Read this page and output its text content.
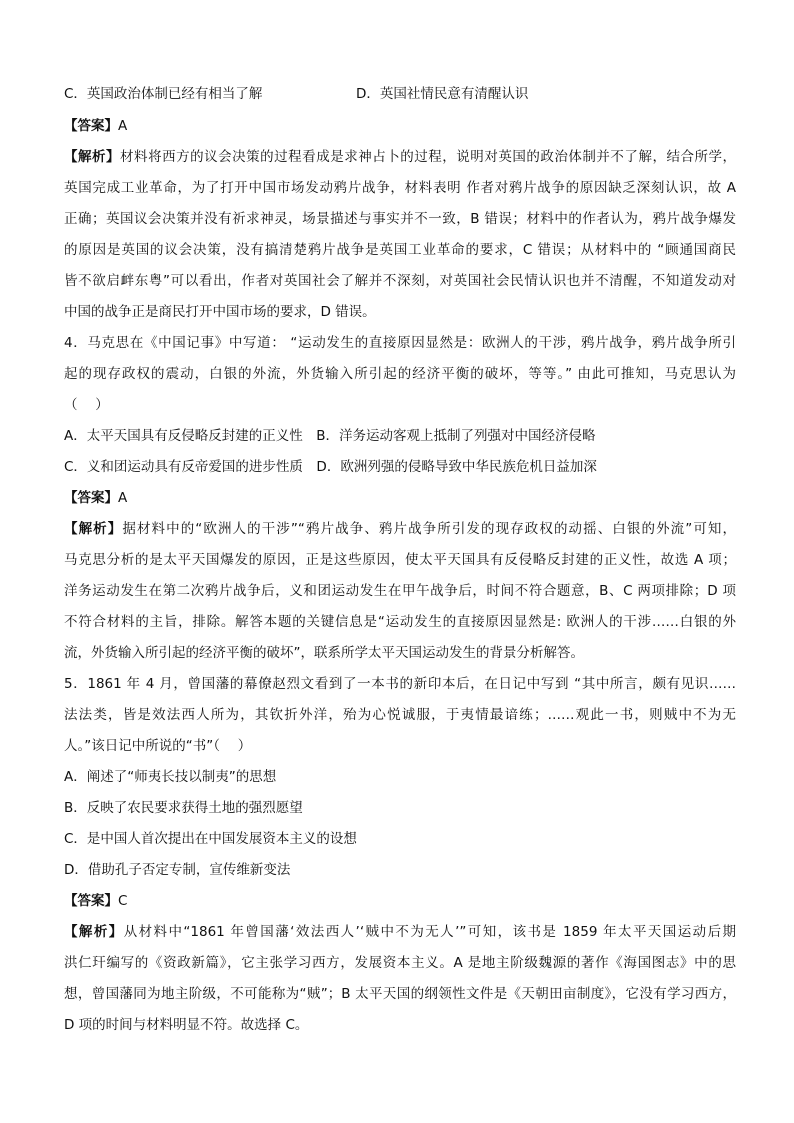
C．英国政治体制已经有相当了解	D．英国社情民意有清醒认识
【答案】A
【解析】材料将西方的议会决策的过程看成是求神占卜的过程，说明对英国的政治体制并不了解，结合所学，
英国完成工业革命，为了打开中国市场发动鸦片战争，材料表明 作者对鸦片战争的原因缺乏深刻认识，故 A
正确；英国议会决策并没有祈求神灵，场景描述与事实并不一致，B 错误；材料中的作者认为，鸦片战争爆发
的原因是英国的议会决策，没有搞清楚鸦片战争是英国工业革命的要求，C 错误；从材料中的 “顾通国商民
皆不欲启衅东粤”可以看出，作者对英国社会了解并不深刻，对英国社会民情认识也并不清醒，不知道发动对
中国的战争正是商民打开中国市场的要求，D 错误。
4．马克思在《中国记事》中写道： “运动发生的直接原因显然是：欧洲人的干涉，鸦片战争，鸦片战争所引
起的现存政权的震动，白银的外流，外货输入所引起的经济平衡的破坏，等等。” 由此可推知，马克思认为
（　 ）
A．太平天国具有反侵略反封建的正义性　B．洋务运动客观上抵制了列强对中国经济侵略
C．义和团运动具有反帝爱国的进步性质　D．欧洲列强的侵略导致中华民族危机日益加深
【答案】A
【解析】据材料中的“欧洲人的干涉”“鸦片战争、鸦片战争所引发的现存政权的动摇、白银的外流”可知，
马克思分析的是太平天国爆发的原因，正是这些原因，使太平天国具有反侵略反封建的正义性，故选 A 项；
洋务运动发生在第二次鸦片战争后，义和团运动发生在甲午战争后，时间不符合题意，B、C 两项排除；D 项
不符合材料的主旨，排除。解答本题的关键信息是“运动发生的直接原因显然是: 欧洲人的干涉……白银的外
流，外货输入所引起的经济平衡的破坏”，联系所学太平天国运动发生的背景分析解答。
5．1861 年 4 月，曾国藩的幕僚赵烈文看到了一本书的新印本后，在日记中写到 “其中所言，颇有见识……
法法类，皆是效法西人所为，其钦折外洋，殆为心悦诚服，于夷情最谙练；……观此一书，则贼中不为无
人。”该日记中所说的“书”（　 ）
A．阐述了“师夷长技以制夷”的思想
B．反映了农民要求获得土地的强烈愿望
C．是中国人首次提出在中国发展资本主义的设想
D．借助孔子否定专制，宣传维新变法
【答案】C
【解析】从材料中“1861 年曾国藩‘效法西人’‘贼中不为无人’”可知，该书是 1859 年太平天国运动后期
洪仁玕编写的《资政新篇》，它主张学习西方，发展资本主义。A 是地主阶级魏源的著作《海国图志》中的思
想，曾国藩同为地主阶级，不可能称为“贼”；B 太平天国的纲领性文件是《天朝田亩制度》，它没有学习西方，
D 项的时间与材料明显不符。故选择 C。
